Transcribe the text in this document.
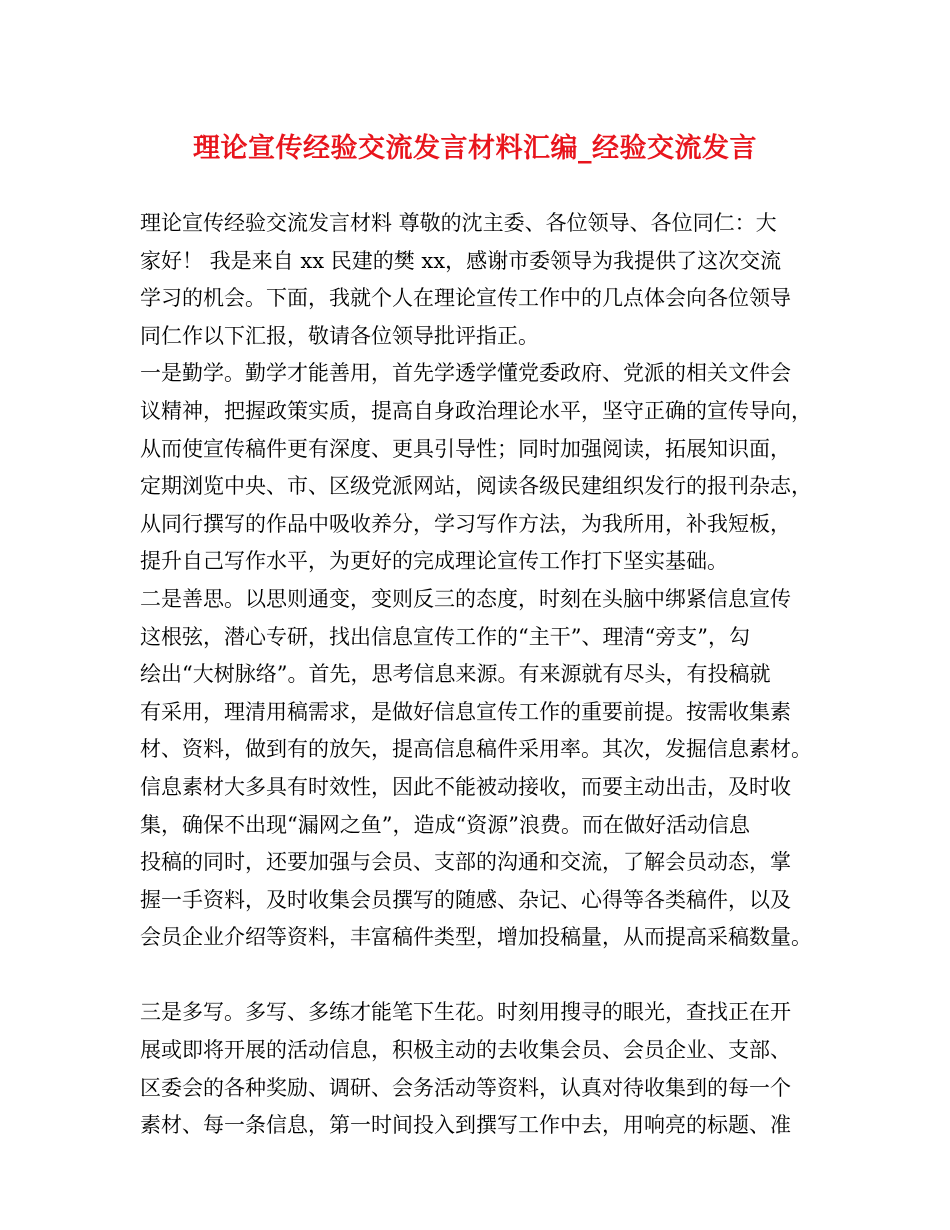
理论宣传经验交流发言材料汇编_经验交流发言
理论宣传经验交流发言材料 尊敬的沈主委、各位领导、各位同仁：大
家好！ 我是来自 xx 民建的樊 xx，感谢市委领导为我提供了这次交流
学习的机会。下面，我就个人在理论宣传工作中的几点体会向各位领导
同仁作以下汇报，敬请各位领导批评指正。
一是勤学。勤学才能善用，首先学透学懂党委政府、党派的相关文件会
议精神，把握政策实质，提高自身政治理论水平，坚守正确的宣传导向，
从而使宣传稿件更有深度、更具引导性；同时加强阅读，拓展知识面，
定期浏览中央、市、区级党派网站，阅读各级民建组织发行的报刊杂志，
从同行撰写的作品中吸收养分，学习写作方法，为我所用，补我短板，
提升自己写作水平，为更好的完成理论宣传工作打下坚实基础。
二是善思。以思则通变，变则反三的态度，时刻在头脑中绑紧信息宣传
这根弦，潜心专研，找出信息宣传工作的“主干”、理清“旁支”，勾
绘出“大树脉络”。首先，思考信息来源。有来源就有尽头，有投稿就
有采用，理清用稿需求，是做好信息宣传工作的重要前提。按需收集素
材、资料，做到有的放矢，提高信息稿件采用率。其次，发掘信息素材。
信息素材大多具有时效性，因此不能被动接收，而要主动出击，及时收
集，确保不出现“漏网之鱼”，造成“资源”浪费。而在做好活动信息
投稿的同时，还要加强与会员、支部的沟通和交流，了解会员动态，掌
握一手资料，及时收集会员撰写的随感、杂记、心得等各类稿件，以及
会员企业介绍等资料，丰富稿件类型，增加投稿量，从而提高采稿数量。
三是多写。多写、多练才能笔下生花。时刻用搜寻的眼光，查找正在开
展或即将开展的活动信息，积极主动的去收集会员、会员企业、支部、
区委会的各种奖励、调研、会务活动等资料，认真对待收集到的每一个
素材、每一条信息，第一时间投入到撰写工作中去，用响亮的标题、准
